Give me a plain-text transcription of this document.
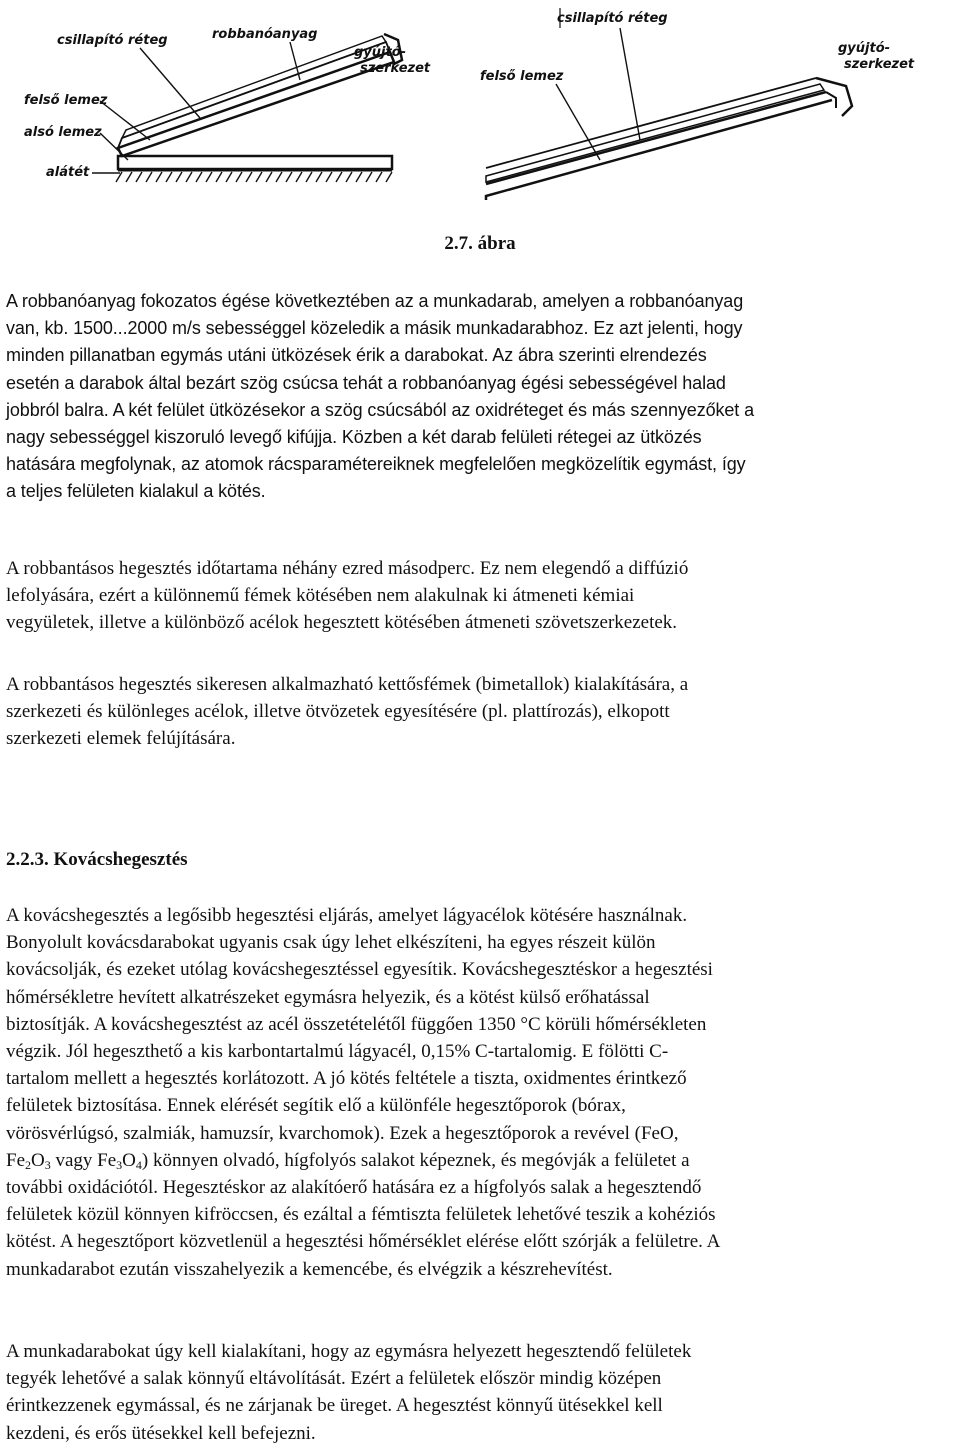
csillapító réteg	robbanóanyag
gyújtó-szerkezet
felső lemez
alsó lemez
alátét
csillapító réteg
felső lemez
gyújtó-szerkezet
2.7. ábra

A robbanóanyag fokozatos égése következtében az a munkadarab, amelyen a robbanóanyag
van, kb. 1500...2000 m/s sebességgel közeledik a másik munkadarabhoz. Ez azt jelenti, hogy
minden pillanatban egymás utáni ütközések érik a darabokat. Az ábra szerinti elrendezés
esetén a darabok által bezárt szög csúcsa tehát a robbanóanyag égési sebességével halad
jobbról balra. A két felület ütközésekor a szög csúcsából az oxidréteget és más szennyezőket a
nagy sebességgel kiszoruló levegő kifújja. Közben a két darab felületi rétegei az ütközés
hatására megfolynak, az atomok rácsparamétereiknek megfelelően megközelítik egymást, így
a teljes felületen kialakul a kötés.

A robbantásos hegesztés időtartama néhány ezred másodperc. Ez nem elegendő a diffúzió
lefolyására, ezért a különnemű fémek kötésében nem alakulnak ki átmeneti kémiai
vegyületek, illetve a különböző acélok hegesztett kötésében átmeneti szövetszerkezetek.

A robbantásos hegesztés sikeresen alkalmazható kettősfémek (bimetallok) kialakítására, a
szerkezeti és különleges acélok, illetve ötvözetek egyesítésére (pl. plattírozás), elkopott
szerkezeti elemek felújítására.

2.2.3. Kovácshegesztés

A kovácshegesztés a legősibb hegesztési eljárás, amelyet lágyacélok kötésére használnak.
Bonyolult kovácsdarabokat ugyanis csak úgy lehet elkészíteni, ha egyes részeit külön
kovácsolják, és ezeket utólag kovácshegesztéssel egyesítik. Kovácshegesztéskor a hegesztési
hőmérsékletre hevített alkatrészeket egymásra helyezik, és a kötést külső erőhatással
biztosítják. A kovácshegesztést az acél összetételétől függően 1350 °C körüli hőmérsékleten
végzik. Jól hegeszthető a kis karbontartalmú lágyacél, 0,15% C-tartalomig. E fölötti C-
tartalom mellett a hegesztés korlátozott. A jó kötés feltétele a tiszta, oxidmentes érintkező
felületek biztosítása. Ennek elérését segítik elő a különféle hegesztőporok (bórax,
vörösvérlúgsó, szalmiák, hamuzsír, kvarchomok). Ezek a hegesztőporok a revével (FeO,
$Fe_2O_3$ vagy $Fe_3O_4$) könnyen olvadó, hígfolyós salakot képeznek, és megóvják a felületet a
további oxidációtól. Hegesztéskor az alakítóerő hatására ez a hígfolyós salak a hegesztendő
felületek közül könnyen kifröccsen, és ezáltal a fémtiszta felületek lehetővé teszik a kohéziós
kötést. A hegesztőport közvetlenül a hegesztési hőmérséklet elérése előtt szórják a felületre. A
munkadarabot ezután visszahelyezik a kemencébe, és elvégzik a készrehevítést.

A munkadarabokat úgy kell kialakítani, hogy az egymásra helyezett hegesztendő felületek
tegyék lehetővé a salak könnyű eltávolítását. Ezért a felületek először mindig középen
érintkezzenek egymással, és ne zárjanak be üreget. A hegesztést könnyű ütésekkel kell
kezdeni, és erős ütésekkel kell befejezni.
